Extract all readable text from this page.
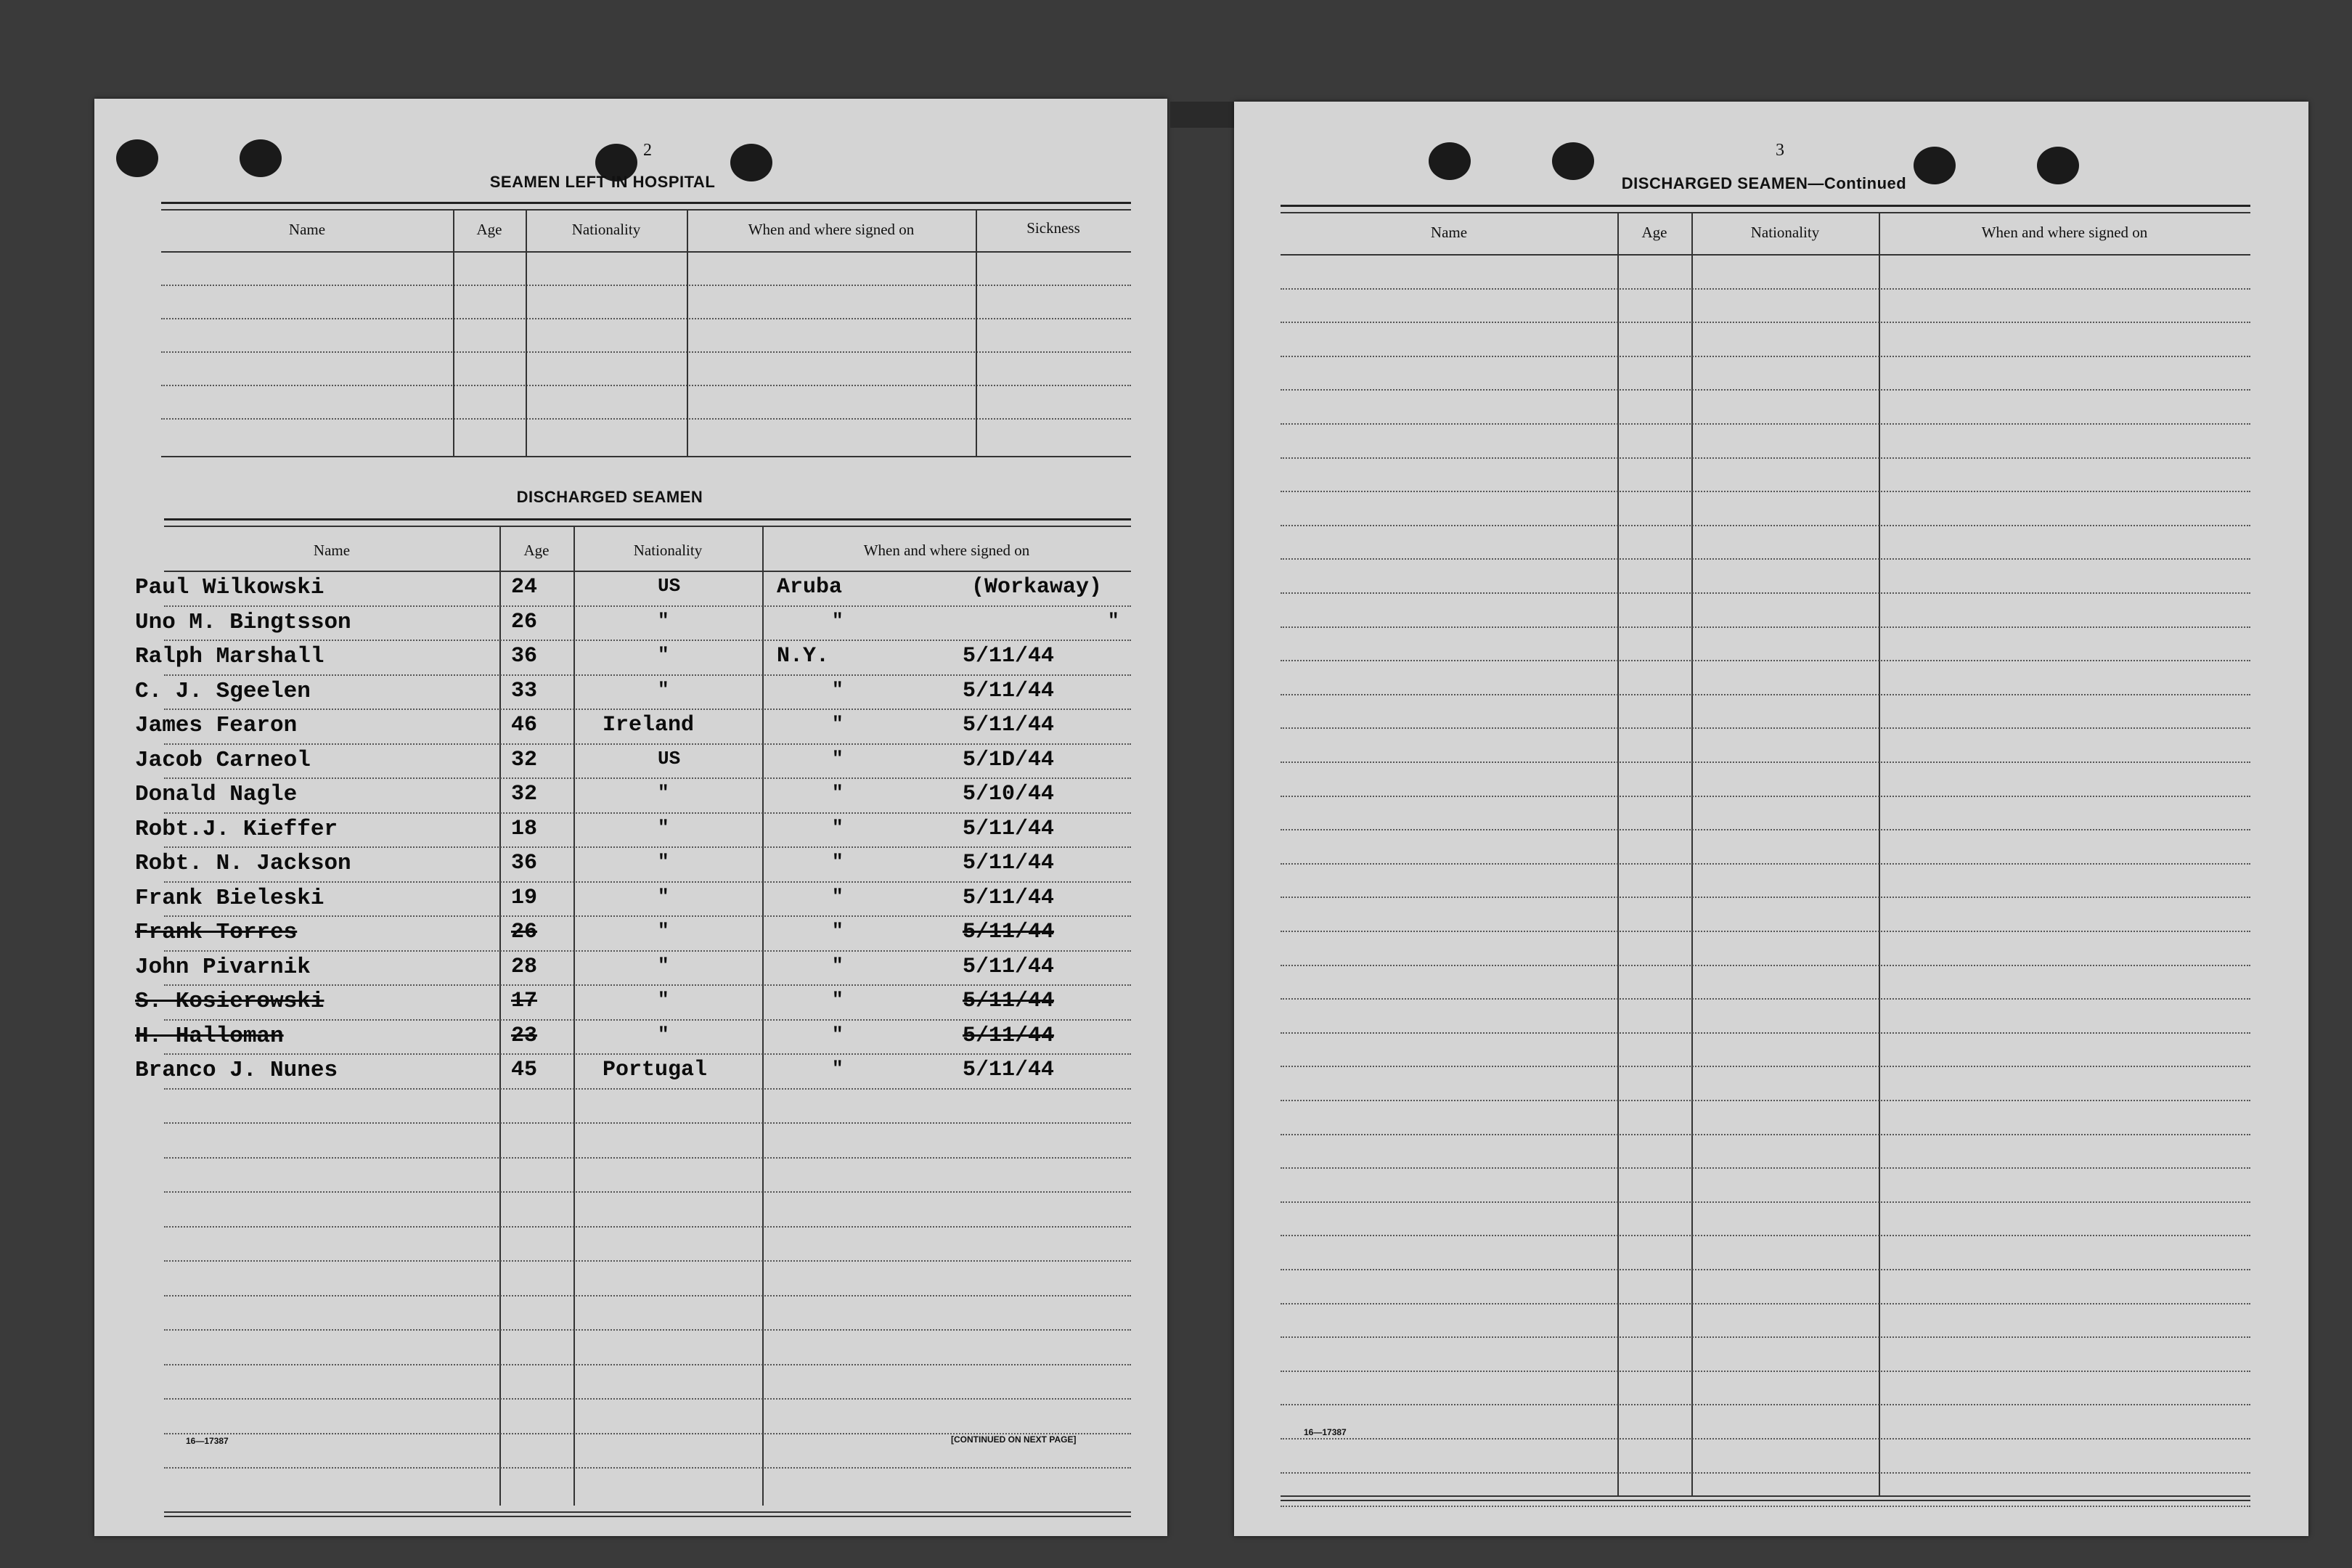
2
SEAMEN LEFT IN HOSPITAL
Name	Age	Nationality	When and where signed on	Sickness
DISCHARGED SEAMEN
Name	Age	Nationality	When and where signed on
Paul Wilkowski	24	US	Aruba	(Workaway)
Uno M. Bingtsson	26	"	"	"
Ralph Marshall	36	"	N.Y.	5/11/44
C. J. Sgeelen	33	"	"	5/11/44
James Fearon	46	Ireland	"	5/11/44
Jacob Carneol	32	US	"	5/1D/44
Donald Nagle	32	"	"	5/10/44
Robt.J. Kieffer	18	"	"	5/11/44
Robt. N. Jackson	36	"	"	5/11/44
Frank Bieleski	19	"	"	5/11/44
Frank Torres	26	"	"	5/11/44
John Pivarnik	28	"	"	5/11/44
S. Kosierowski	17	"	"	5/11/44
H. Halloman	23	"	"	5/11/44
Branco J. Nunes	45	Portugal	"	5/11/44
16—17387	[CONTINUED ON NEXT PAGE]
3
DISCHARGED SEAMEN—Continued
Name	Age	Nationality	When and where signed on
16—17387
